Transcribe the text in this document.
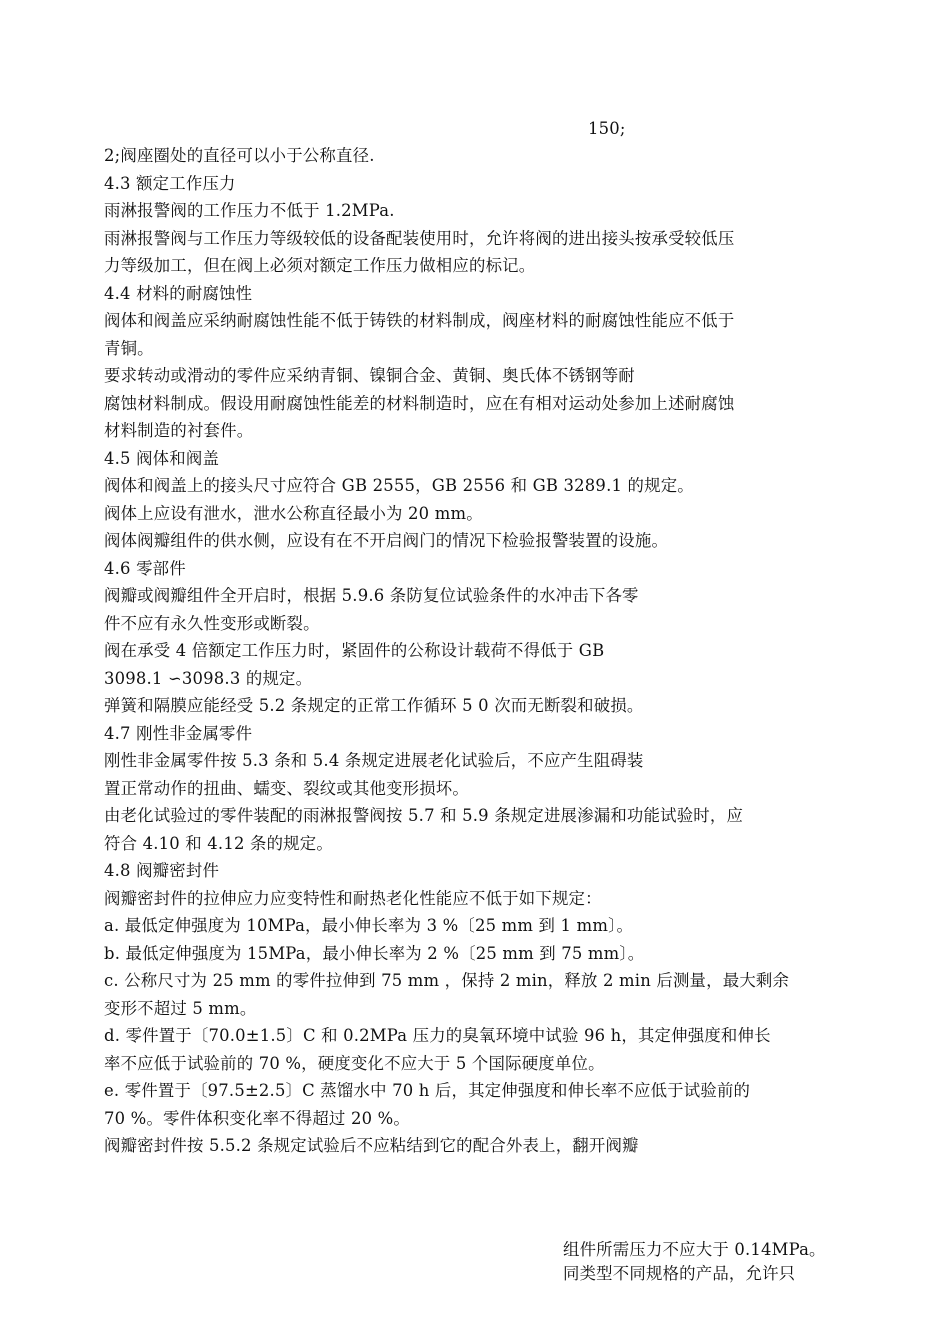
150;
2;阀座圈处的直径可以小于公称直径.
4.3 额定工作压力
雨淋报警阀的工作压力不低于 1.2MPa.
雨淋报警阀与工作压力等级较低的设备配装使用时，允许将阀的进出接头按承受较低压
力等级加工，但在阀上必须对额定工作压力做相应的标记。
4.4 材料的耐腐蚀性
阀体和阀盖应采纳耐腐蚀性能不低于铸铁的材料制成，阀座材料的耐腐蚀性能应不低于
青铜。
要求转动或滑动的零件应采纳青铜、镍铜合金、黄铜、奥氏体不锈钢等耐
腐蚀材料制成。假设用耐腐蚀性能差的材料制造时，应在有相对运动处参加上述耐腐蚀
材料制造的衬套件。
4.5 阀体和阀盖
阀体和阀盖上的接头尺寸应符合 GB 2555，GB 2556 和 GB 3289.1 的规定。
阀体上应设有泄水，泄水公称直径最小为 20 mm。
阀体阀瓣组件的供水侧，应设有在不开启阀门的情况下检验报警装置的设施。
4.6 零部件
阀瓣或阀瓣组件全开启时，根据 5.9.6 条防复位试验条件的水冲击下各零
件不应有永久性变形或断裂。
阀在承受 4 倍额定工作压力时，紧固件的公称设计载荷不得低于 GB
3098.1 ∽3098.3 的规定。
弹簧和隔膜应能经受 5.2 条规定的正常工作循环 5 0 次而无断裂和破损。
4.7 刚性非金属零件
刚性非金属零件按 5.3 条和 5.4 条规定进展老化试验后，不应产生阻碍装
置正常动作的扭曲、蠕变、裂纹或其他变形损坏。
由老化试验过的零件装配的雨淋报警阀按 5.7 和 5.9 条规定进展渗漏和功能试验时，应
符合 4.10 和 4.12 条的规定。
4.8 阀瓣密封件
阀瓣密封件的拉伸应力应变特性和耐热老化性能应不低于如下规定：
a. 最低定伸强度为 10MPa，最小伸长率为 3 %〔25 mm 到 1 mm〕。
b. 最低定伸强度为 15MPa，最小伸长率为 2 %〔25 mm 到 75 mm〕。
c. 公称尺寸为 25 mm 的零件拉伸到 75 mm ，保持 2 min，释放 2 min 后测量，最大剩余
变形不超过 5 mm。
d. 零件置于〔70.0±1.5〕C 和 0.2MPa 压力的臭氧环境中试验 96 h，其定伸强度和伸长
率不应低于试验前的 70 %，硬度变化不应大于 5 个国际硬度单位。
e. 零件置于〔97.5±2.5〕C 蒸馏水中 70 h 后，其定伸强度和伸长率不应低于试验前的
70 %。零件体积变化率不得超过 20 %。
阀瓣密封件按 5.5.2 条规定试验后不应粘结到它的配合外表上，翻开阀瓣
组件所需压力不应大于 0.14MPa。
同类型不同规格的产品，允许只
